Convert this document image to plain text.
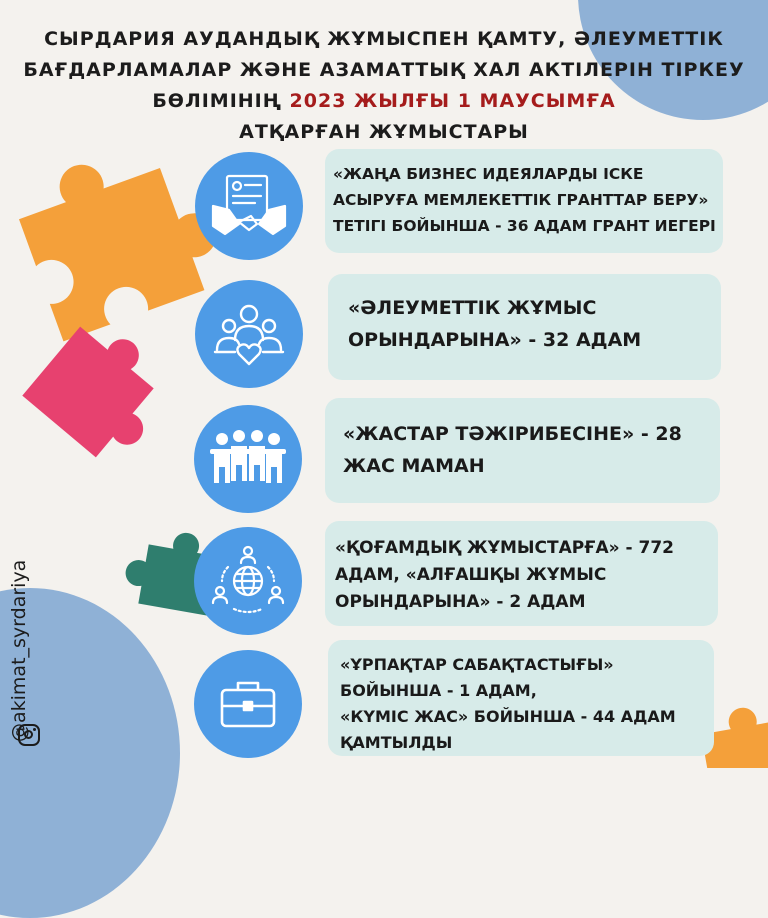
СЫРДАРИЯ АУДАНДЫҚ ЖҰМЫСПЕН ҚАМТУ, ӘЛЕУМЕТТІК
БАҒДАРЛАМАЛАР ЖӘНЕ АЗАМАТТЫҚ ХАЛ АКТІЛЕРІН ТІРКЕУ
БӨЛІМІНІҢ 2023 ЖЫЛҒЫ 1 МАУСЫМҒА
АТҚАРҒАН ЖҰМЫСТАРЫ
«ЖАҢА БИЗНЕС ИДЕЯЛАРДЫ ІСКЕ
АСЫРУҒА МЕМЛЕКЕТТІК ГРАНТТАР БЕРУ»
ТЕТІГІ БОЙЫНША - 36 АДАМ ГРАНТ ИЕГЕРІ
«ӘЛЕУМЕТТІК ЖҰМЫС
ОРЫНДАРЫНА» - 32 АДАМ
«ЖАСТАР ТӘЖІРИБЕСІНЕ» - 28
ЖАС МАМАН
«ҚОҒАМДЫҚ ЖҰМЫСТАРҒА» - 772
АДАМ, «АЛҒАШҚЫ ЖҰМЫС
ОРЫНДАРЫНА» - 2 АДАМ
«ҰРПАҚТАР САБАҚТАСТЫҒЫ»
БОЙЫНША - 1 АДАМ,
«КҮМІС ЖАС» БОЙЫНША - 44 АДАМ
ҚАМТЫЛДЫ
@akimat_syrdariya
